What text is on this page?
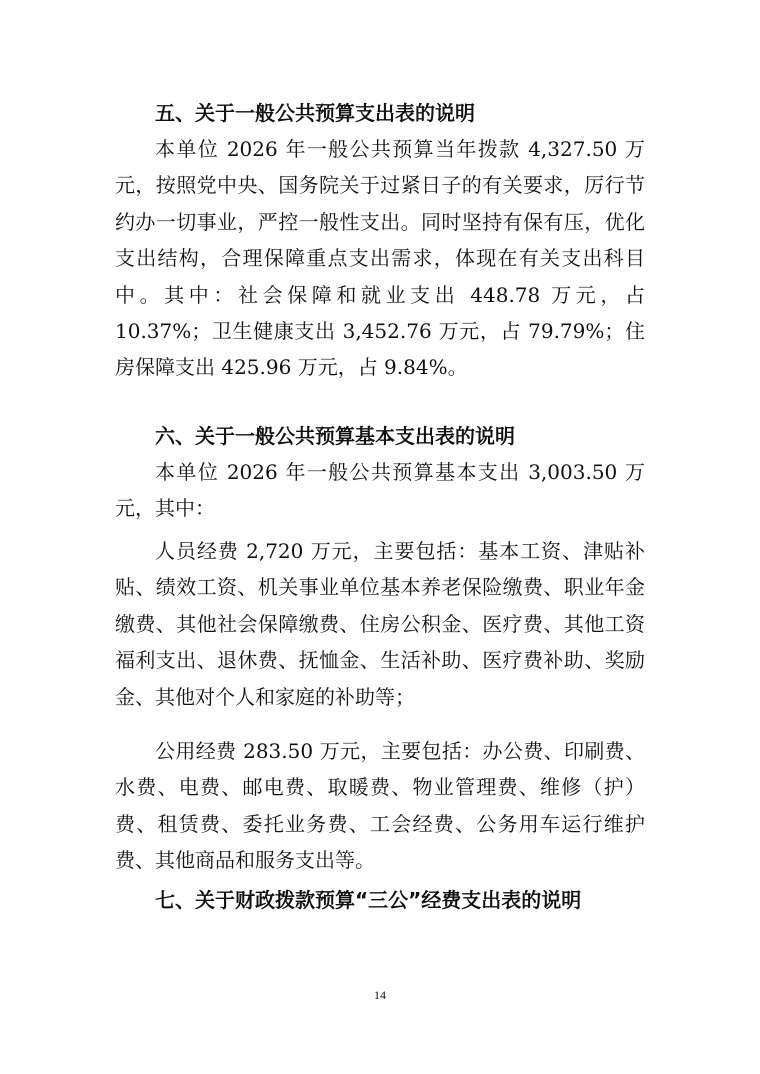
五、关于一般公共预算支出表的说明

本单位 2026 年一般公共预算当年拨款 4,327.50 万元，按照党中央、国务院关于过紧日子的有关要求，厉行节约办一切事业，严控一般性支出。同时坚持有保有压，优化支出结构，合理保障重点支出需求，体现在有关支出科目中。其中：社会保障和就业支出 448.78 万元，占 10.37%；卫生健康支出 3,452.76 万元，占 79.79%；住房保障支出 425.96 万元，占 9.84%。

六、关于一般公共预算基本支出表的说明

本单位 2026 年一般公共预算基本支出 3,003.50 万元，其中：

人员经费 2,720 万元，主要包括：基本工资、津贴补贴、绩效工资、机关事业单位基本养老保险缴费、职业年金缴费、其他社会保障缴费、住房公积金、医疗费、其他工资福利支出、退休费、抚恤金、生活补助、医疗费补助、奖励金、其他对个人和家庭的补助等；

公用经费 283.50 万元，主要包括：办公费、印刷费、水费、电费、邮电费、取暖费、物业管理费、维修（护）费、租赁费、委托业务费、工会经费、公务用车运行维护费、其他商品和服务支出等。

七、关于财政拨款预算“三公”经费支出表的说明
14
